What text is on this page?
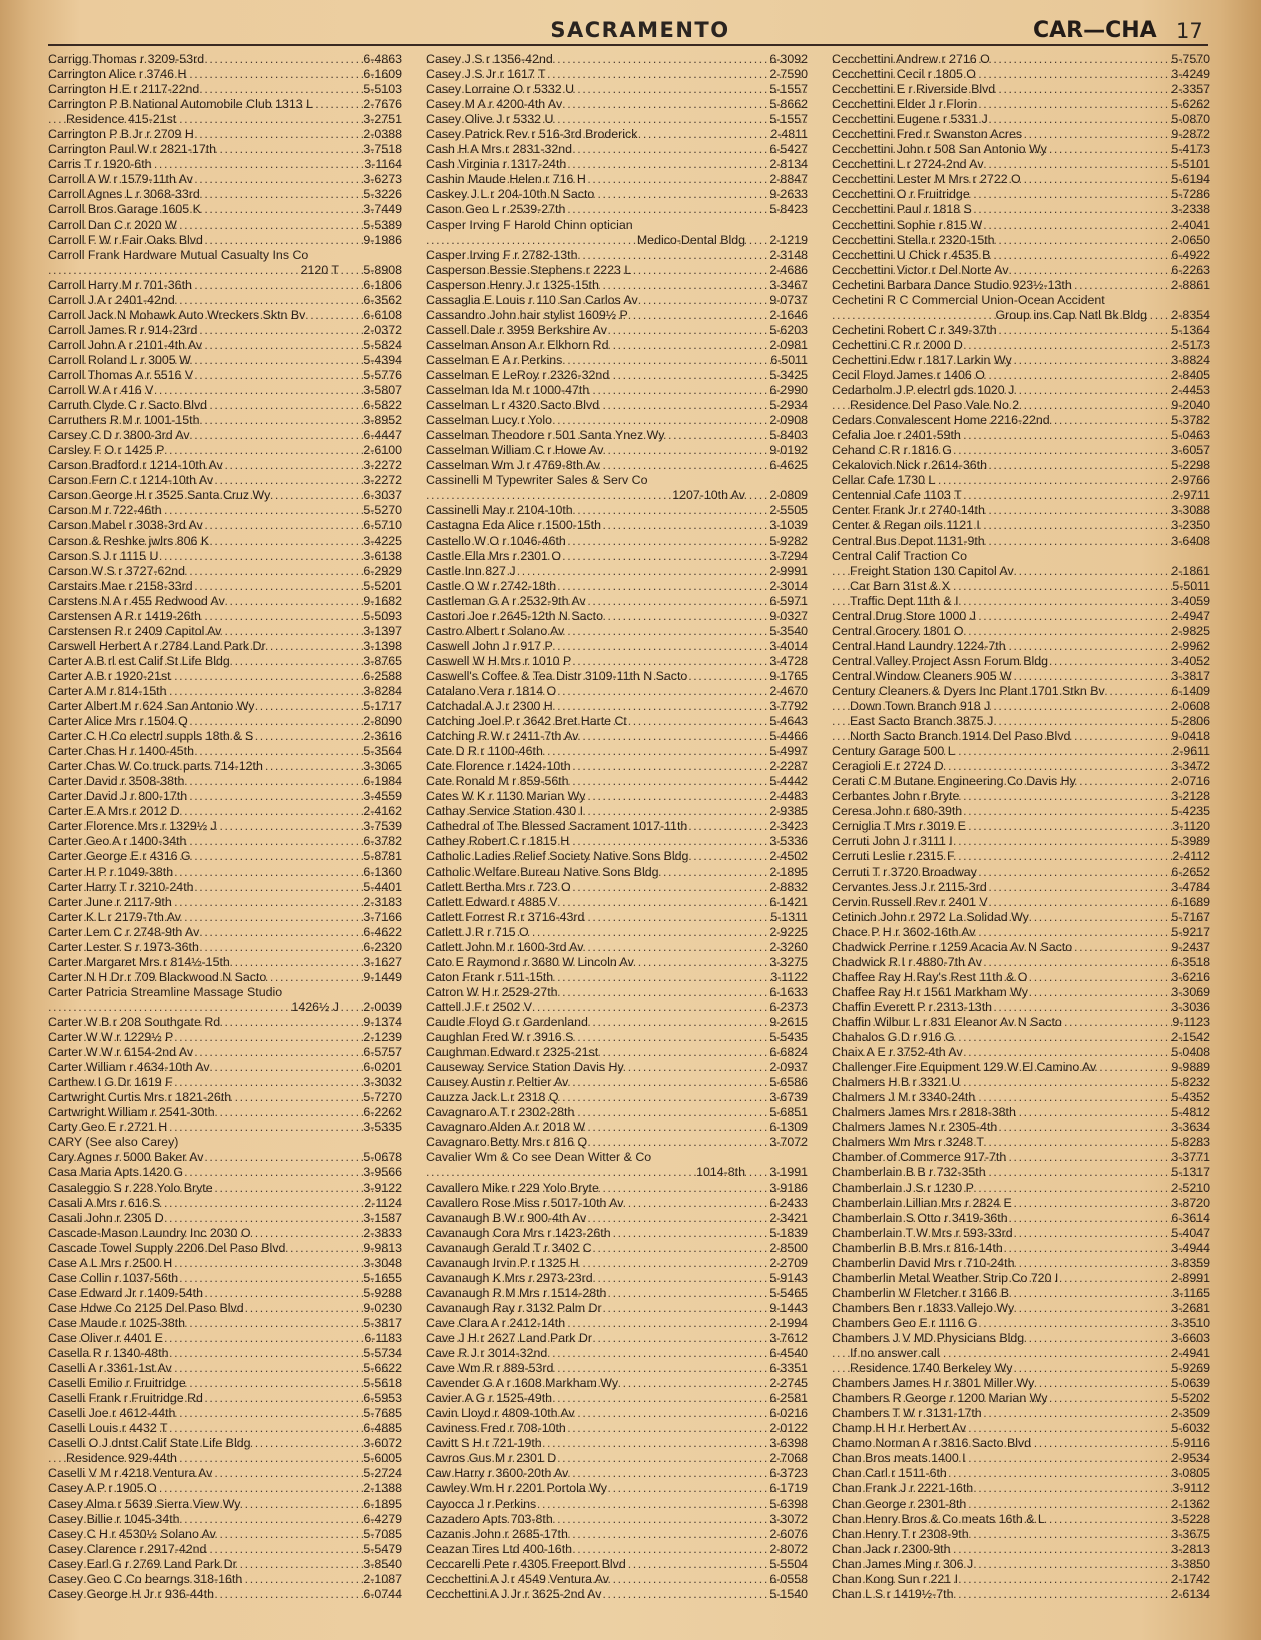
SACRAMENTO	CAR—CHA 17
..... Carrigg Thomas r 3209-53rd	6-4863
..... Carrington Alice r 3746 H	6-1609
..... Carrington H E r 2117-22nd	5-5103
..... Carrington P B National Automobile Club 1313 L	2-7676
..... Residence 415-21st	3-2751
..... Carrington P B Jr r 2709 H	2-0388
..... Carrington Paul W r 2821-17th	3-7518
..... Carris T r 1920-6th	3-1164
..... Carroll A W r 1579-11th Av	3-6273
..... Carroll Agnes L r 3068-33rd	5-3226
..... Carroll Bros Garage 1605 K	3-7449
..... Carroll Dan C r 2020 W	5-5389
..... Carroll F W r Fair Oaks Blvd	9-1986
Carroll Frank Hardware Mutual Casualty Ins Co
..... 2120 T 5-8908
..... Carroll Harry M r 701-36th	6-1806
..... Carroll J A r 2401-42nd	6-3562
..... Carroll Jack N Mohawk Auto Wreckers Sktn Bv	6-6108
..... Carroll James R r 914-23rd	2-0372
..... Carroll John A r 2101-4th Av	5-5824
..... Carroll Roland L r 3005 W	5-4394
..... Carroll Thomas A r 5516 V	5-5776
..... Carroll W A r 416 V	3-5807
..... Carruth Clyde C r Sacto Blvd	6-5822
..... Carruthers R M r 1001-15th	3-8952
..... Carsey C D r 3800-3rd Av	6-4447
..... Carsley F O r 1425 P	2-6100
..... Carson Bradford r 1214-10th Av	3-2272
..... Carson Fern C r 1214-10th Av	3-2272
..... Carson George H r 3525 Santa Cruz Wy	6-3037
..... Carson M r 722-46th	5-5270
..... Carson Mabel r 3038-3rd Av	6-5710
..... Carson & Reshke jwlrs 806 K	3-4225
..... Carson S J r 1115 U	3-6138
..... Carson W S r 3727-62nd	6-2929
..... Carstairs Mae r 2158-33rd	5-5201
..... Carstens N A r 455 Redwood Av	9-1682
..... Carstensen A R r 1419-26th	5-5093
..... Carstensen R r 2409 Capitol Av	3-1397
..... Carswell Herbert A r 2784 Land Park Dr	3-1398
..... Carter A B rl est Calif St Life Bldg	3-8765
..... Carter A B r 1920-21st	6-2588
..... Carter A M r 814-15th	3-8284
..... Carter Albert M r 624 San Antonio Wy	5-1717
..... Carter Alice Mrs r 1504 Q	2-8090
..... Carter C H Co electrl suppls 18th & S	2-3616
..... Carter Chas H r 1400-45th	5-3564
..... Carter Chas W Co truck parts 714-12th	3-3065
..... Carter David r 3508-38th	6-1984
..... Carter David J r 800-17th	3-4559
..... Carter E A Mrs r 2012 D	2-4162
..... Carter Florence Mrs r 1329½ J	3-7539
..... Carter Geo A r 1400-34th	6-3782
..... Carter George E r 4316 G	5-8781
..... Carter H P r 1049-38th	6-1360
..... Carter Harry T r 3210-24th	5-4401
..... Carter June r 2117-9th	2-3183
..... Carter K L r 2179-7th Av	3-7166
..... Carter Lem C r 2748-9th Av	6-4622
..... Carter Lester S r 1973-36th	6-2320
..... Carter Margaret Mrs r 814½-15th	3-1627
..... Carter N H Dr r 709 Blackwood N Sacto	9-1449
Carter Patricia Streamline Massage Studio
..... 1426½ J 2-0039
..... Carter W B r 208 Southgate Rd	9-1374
..... Carter W W r 1229½ P	2-1239
..... Carter W W r 6154-2nd Av	6-5757
..... Carter William r 4634-10th Av	6-0201
..... Carthew I G Dr 1619 F	3-3032
..... Cartwright Curtis Mrs r 1821-26th	5-7270
..... Cartwright William r 2541-30th	6-2262
..... Carty Geo E r 2721 H	3-5335
CARY (See also Carey)
..... Cary Agnes r 5000 Baker Av	5-0678
..... Casa Maria Apts 1420 G	3-9566
..... Casaleggio S r 228 Yolo Bryte	3-9122
..... Casali A Mrs r 616 S	2-1124
..... Casali John r 2305 D	3-1587
..... Cascade-Mason Laundry Inc 2030 O	2-3833
..... Cascade Towel Supply 2206 Del Paso Blvd	9-9813
..... Case A L Mrs r 2500 H	3-3048
..... Case Collin r 1037-56th	5-1655
..... Case Edward Jr r 1409-54th	5-9288
..... Case Hdwe Co 2125 Del Paso Blvd	9-0230
..... Case Maude r 1025-38th	5-3817
..... Case Oliver r 4401 E	6-1183
..... Casella R r 1340-48th	5-5734
..... Caselli A r 3361-1st Av	5-6622
..... Caselli Emilio r Fruitridge	5-5618
..... Caselli Frank r Fruitridge Rd	6-5953
..... Caselli Joe r 4612-44th	5-7685
..... Caselli Louis r 4432 T	6-4885
..... Caselli O J dntst Calif State Life Bldg	3-6072
..... Residence 929-44th	5-6005
..... Caselli V M r 4218 Ventura Av	5-2724
..... Casey A P r 1905 O	2-1388
..... Casey Alma r 5639 Sierra View Wy	6-1895
..... Casey Billie r 1045-34th	6-4279
..... Casey C H r 4530½ Solano Av	5-7085
..... Casey Clarence r 2917-42nd	5-5479
..... Casey Earl G r 2769 Land Park Dr	3-8540
..... Casey Geo C Co bearngs 318-16th	2-1087
..... Casey George H Jr r 936-44th	6-0744
..... Casey J S r 1356-42nd	6-3092
..... Casey J S Jr r 1617 T	2-7590
..... Casey Lorraine O r 5332 U	5-1557
..... Casey M A r 4200-4th Av	5-8662
..... Casey Olive J r 5332 U	5-1557
..... Casey Patrick Rev r 516-3rd Broderick	2-4811
..... Cash H A Mrs r 2831-32nd	6-5427
..... Cash Virginia r 1317-24th	2-8134
..... Cashin Maude Helen r 716 H	2-8847
..... Caskey J L r 204-10th N Sacto	9-2633
..... Cason Geo L r 2539-27th	5-8423
Casper Irving F Harold Chinn optician
..... Medico-Dental Bldg 2-1219
..... Casper Irving F r 2782-13th	2-3148
..... Casperson Bessie Stephens r 2223 L	2-4686
..... Casperson Henry J r 1325-15th	3-3467
..... Cassaglia E Louis r 110 San Carlos Av	9-0737
..... Cassandro John hair stylist 1609½ P	2-1646
..... Cassell Dale r 3959 Berkshire Av	5-6203
..... Casselman Anson A r Elkhorn Rd	2-0981
..... Casselman E A r Perkins	6-5011
..... Casselman E LeRoy r 2326-32nd	5-3425
..... Casselman Ida M r 1000-47th	6-2990
..... Casselman L r 4320 Sacto Blvd	5-2934
..... Casselman Lucy r Yolo	2-0908
..... Casselman Theodore r 501 Santa Ynez Wy	5-8403
..... Casselman William C r Howe Av	9-0192
..... Casselman Wm J r 4769-8th Av	6-4625
Cassinelli M Typewriter Sales & Serv Co
..... 1207-10th Av 2-0809
..... Cassinelli May r 2104-10th	2-5505
..... Castagna Eda Alice r 1500-15th	3-1039
..... Castello W O r 1046-46th	5-9282
..... Castle Ella Mrs r 2301 O	3-7294
..... Castle Inn 827 J	2-9991
..... Castle O W r 2742-18th	2-3014
..... Castleman G A r 2532-9th Av	6-5971
..... Castori Joe r 2645-12th N Sacto	9-0327
..... Castro Albert r Solano Av	5-3540
..... Caswell John J r 917 P	3-4014
..... Caswell W H Mrs r 1010 P	3-4728
..... Caswell's Coffee & Tea Distr 3109-11th N Sacto	9-1765
..... Catalano Vera r 1814 O	2-4670
..... Catchadal A J r 2300 H	3-7792
..... Catching Joel P r 3642 Bret Harte Ct	5-4643
..... Catching R W r 2411-7th Av	5-4466
..... Cate D R r 1100-46th	5-4997
..... Cate Florence r 1424-10th	2-2287
..... Cate Ronald M r 859-56th	5-4442
..... Cates W K r 1130 Marian Wy	2-4483
..... Cathay Service Station 430 I	2-9385
..... Cathedral of The Blessed Sacrament 1017-11th	2-3423
..... Cathey Robert C r 1815 H	3-5336
..... Catholic Ladies Relief Society Native Sons Bldg	2-4502
..... Catholic Welfare Bureau Native Sons Bldg	2-1895
..... Catlett Bertha Mrs r 723 O	2-8832
..... Catlett Edward r 4885 V	6-1421
..... Catlett Forrest R r 3716-43rd	5-1311
..... Catlett J R r 715 O	2-9225
..... Catlett John M r 1600-3rd Av	2-3260
..... Cato E Raymond r 3680 W Lincoln Av	3-3275
..... Caton Frank r 511-15th	3-1122
..... Catron W H r 2529-27th	6-1633
..... Cattell J F r 2502 V	6-2373
..... Caudle Floyd G r Gardenland	9-2615
..... Caughlan Fred W r 3916 S	5-5435
..... Caughman Edward r 2325-21st	6-6824
..... Causeway Service Station Davis Hy	2-0937
..... Causey Austin r Peltier Av	5-6586
..... Cauzza Jack L r 2318 Q	3-6739
..... Cavagnaro A T r 2302-28th	5-6851
..... Cavagnaro Alden A r 2018 W	6-1309
..... Cavagnaro Betty Mrs r 816 Q	3-7072
Cavalier Wm & Co see Dean Witter & Co
..... 1014-8th 3-1991
..... Cavallero Mike r 229 Yolo Bryte	3-9186
..... Cavallero Rose Miss r 5017-10th Av	6-2433
..... Cavanaugh B W r 900-4th Av	2-3421
..... Cavanaugh Cora Mrs r 1423-26th	5-1839
..... Cavanaugh Gerald T r 3402 C	2-8500
..... Cavanaugh Irvin P r 1325 H	2-2709
..... Cavanaugh K Mrs r 2973-23rd	5-9143
..... Cavanaugh R M Mrs r 1514-28th	5-5465
..... Cavanaugh Ray r 3132 Palm Dr	9-1443
..... Cave Clara A r 2412-14th	2-1994
..... Cave J H r 2627 Land Park Dr	3-7612
..... Cave R J r 3014-32nd	6-4540
..... Cave Wm R r 889-53rd	6-3351
..... Cavender G A r 1608 Markham Wy	2-2745
..... Cavier A G r 1525-49th	6-2581
..... Cavin Lloyd r 4809-10th Av	6-0216
..... Caviness Fred r 708-10th	2-0122
..... Cavitt S H r 721-19th	3-6398
..... Cavros Gus M r 2301 D	2-7068
..... Caw Harry r 3600-20th Av	6-3723
..... Cawley Wm H r 2201 Portola Wy	6-1719
..... Cayocca J r Perkins	5-6398
..... Cazadero Apts 703-8th	3-3072
..... Cazanis John r 2685-17th	2-6076
..... Ceazan Tires Ltd 400-16th	2-8072
..... Ceccarelli Pete r 4305 Freeport Blvd	5-5504
..... Cecchettini A J r 4549 Ventura Av	6-0558
..... Cecchettini A J Jr r 3625-2nd Av	5-1540
..... Cecchettini Andrew r 2716 O	5-7570
..... Cecchettini Cecil r 1805 O	3-4249
..... Cecchettini E r Riverside Blvd	2-3357
..... Cecchettini Elder J r Florin	5-6262
..... Cecchettini Eugene r 5331 J	5-0870
..... Cecchettini Fred r Swanston Acres	9-2872
..... Cecchettini John r 508 San Antonio Wy	5-4173
..... Cecchettini L r 2724-2nd Av	5-5101
..... Cecchettini Lester M Mrs r 2722 O	5-6194
..... Cecchettini O r Fruitridge	5-7286
..... Cecchettini Paul r 1818 S	3-2338
..... Cecchettini Sophie r 815 W	2-4041
..... Cecchettini Stella r 2320-15th	2-0650
..... Cecchettini U Chick r 4535 B	6-4922
..... Cecchettini Victor r Del Norte Av	6-2263
..... Cechetini Barbara Dance Studio 923½-13th	2-8861
Cechetini R C Commercial Union-Ocean Accident
..... Group ins Cap Natl Bk Bldg 2-8354
..... Cechetini Robert C r 349-37th	5-1364
..... Cechettini C R r 2000 D	2-5173
..... Cechettini Edw r 1817 Larkin Wy	3-8824
..... Cecil Floyd James r 1406 O	2-8405
..... Cedarholm J P electrl gds 1020 J	2-4453
..... Residence Del Paso Vale No 2	9-2040
..... Cedars Convalescent Home 2216-22nd	5-3782
..... Cefalia Joe r 2401-59th	5-0463
..... Cehand C R r 1816 G	3-6057
..... Cekalovich Nick r 2614-36th	5-2298
..... Cellar Cafe 1730 L	2-9766
..... Centennial Cafe 1103 T	2-9711
..... Center Frank Jr r 2740-14th	3-3088
..... Center & Regan oils 1121 I	3-2350
..... Central Bus Depot 1131-9th	3-6408
Central Calif Traction Co
..... Freight Station 130 Capitol Av	2-1861
..... Car Barn 31st & X	5-5011
..... Traffic Dept 11th & I	3-4059
..... Central Drug Store 1000 J	2-4947
..... Central Grocery 1801 O	2-9825
..... Central Hand Laundry 1224-7th	2-9962
..... Central Valley Project Assn Forum Bldg	3-4052
..... Central Window Cleaners 905 W	3-3817
..... Century Cleaners & Dyers Inc Plant 1701 Stkn Bv	6-1409
..... Down Town Branch 918 J	2-0608
..... East Sacto Branch 3875 J	5-2806
..... North Sacto Branch 1914 Del Paso Blvd	9-0418
..... Century Garage 500 L	2-9611
..... Ceragioli E r 2724 D	3-3472
..... Cerati C M Butane Engineering Co Davis Hy	2-0716
..... Cerbantes John r Bryte	3-2128
..... Ceresa John r 680-39th	5-4235
..... Cerniglia T Mrs r 3019 E	3-1120
..... Cerruti John J r 3111 I	5-3989
..... Cerruti Leslie r 2315 F	2-4112
..... Cerruti T r 3720 Broadway	6-2652
..... Cervantes Jess J r 2115-3rd	3-4784
..... Cervin Russell Rev r 2401 V	6-1689
..... Cetinich John r 2972 La Solidad Wy	5-7167
..... Chace P H r 3602-16th Av	5-9217
..... Chadwick Perrine r 1259 Acacia Av N Sacto	9-2437
..... Chadwick R I r 4880-7th Av	6-3518
..... Chaffee Ray H Ray's Rest 11th & O	3-6216
..... Chaffee Ray H r 1561 Markham Wy	3-3069
..... Chaffin Everett P r 2313-13th	3-3036
..... Chaffin Wilbur L r 831 Eleanor Av N Sacto	9-1123
..... Chahalos G D r 916 G	2-1542
..... Chaix A E r 3752-4th Av	5-0408
..... Challenger Fire Equipment 129 W El Camino Av	9-9889
..... Chalmers H B r 3321 U	5-8232
..... Chalmers J M r 3340-24th	5-4352
..... Chalmers James Mrs r 2818-38th	5-4812
..... Chalmers James N r 2305-4th	3-3634
..... Chalmers Wm Mrs r 3248 T	5-8283
..... Chamber of Commerce 917-7th	3-3771
..... Chamberlain B B r 732-35th	5-1317
..... Chamberlain J S r 1230 P	2-5210
..... Chamberlain Lillian Mrs r 2824 E	3-8720
..... Chamberlain S Otto r 3419-36th	6-3614
..... Chamberlain T W Mrs r 593-33rd	5-4047
..... Chamberlin B B Mrs r 816-14th	3-4944
..... Chamberlin David Mrs r 710-24th	3-8359
..... Chamberlin Metal Weather Strip Co 720 I	2-8991
..... Chamberlin W Fletcher r 3166 B	3-1165
..... Chambers Ben r 1833 Vallejo Wy	3-2681
..... Chambers Geo E r 1116 G	3-3510
..... Chambers J V MD Physicians Bldg	3-6603
..... If no answer call	2-4941
..... Residence 1740 Berkeley Wy	5-9269
..... Chambers James H r 3801 Miller Wy	5-0639
..... Chambers R George r 1200 Marian Wy	5-5202
..... Chambers T W r 3131-17th	2-3509
..... Champ H H r Herbert Av	5-6032
..... Chamo Norman A r 3816 Sacto Blvd	5-9116
..... Chan Bros meats 1400 I	2-9534
..... Chan Carl r 1511-6th	3-0805
..... Chan Frank J r 2221-16th	3-9112
..... Chan George r 2301-8th	2-1362
..... Chan Henry Bros & Co meats 16th & L	3-5228
..... Chan Henry T r 2308-9th	3-3675
..... Chan Jack r 2300-9th	3-2813
..... Chan James Ming r 306 J	3-3850
..... Chan Kong Sun r 221 I	2-1742
..... Chan L S r 1419½-7th	2-6134
